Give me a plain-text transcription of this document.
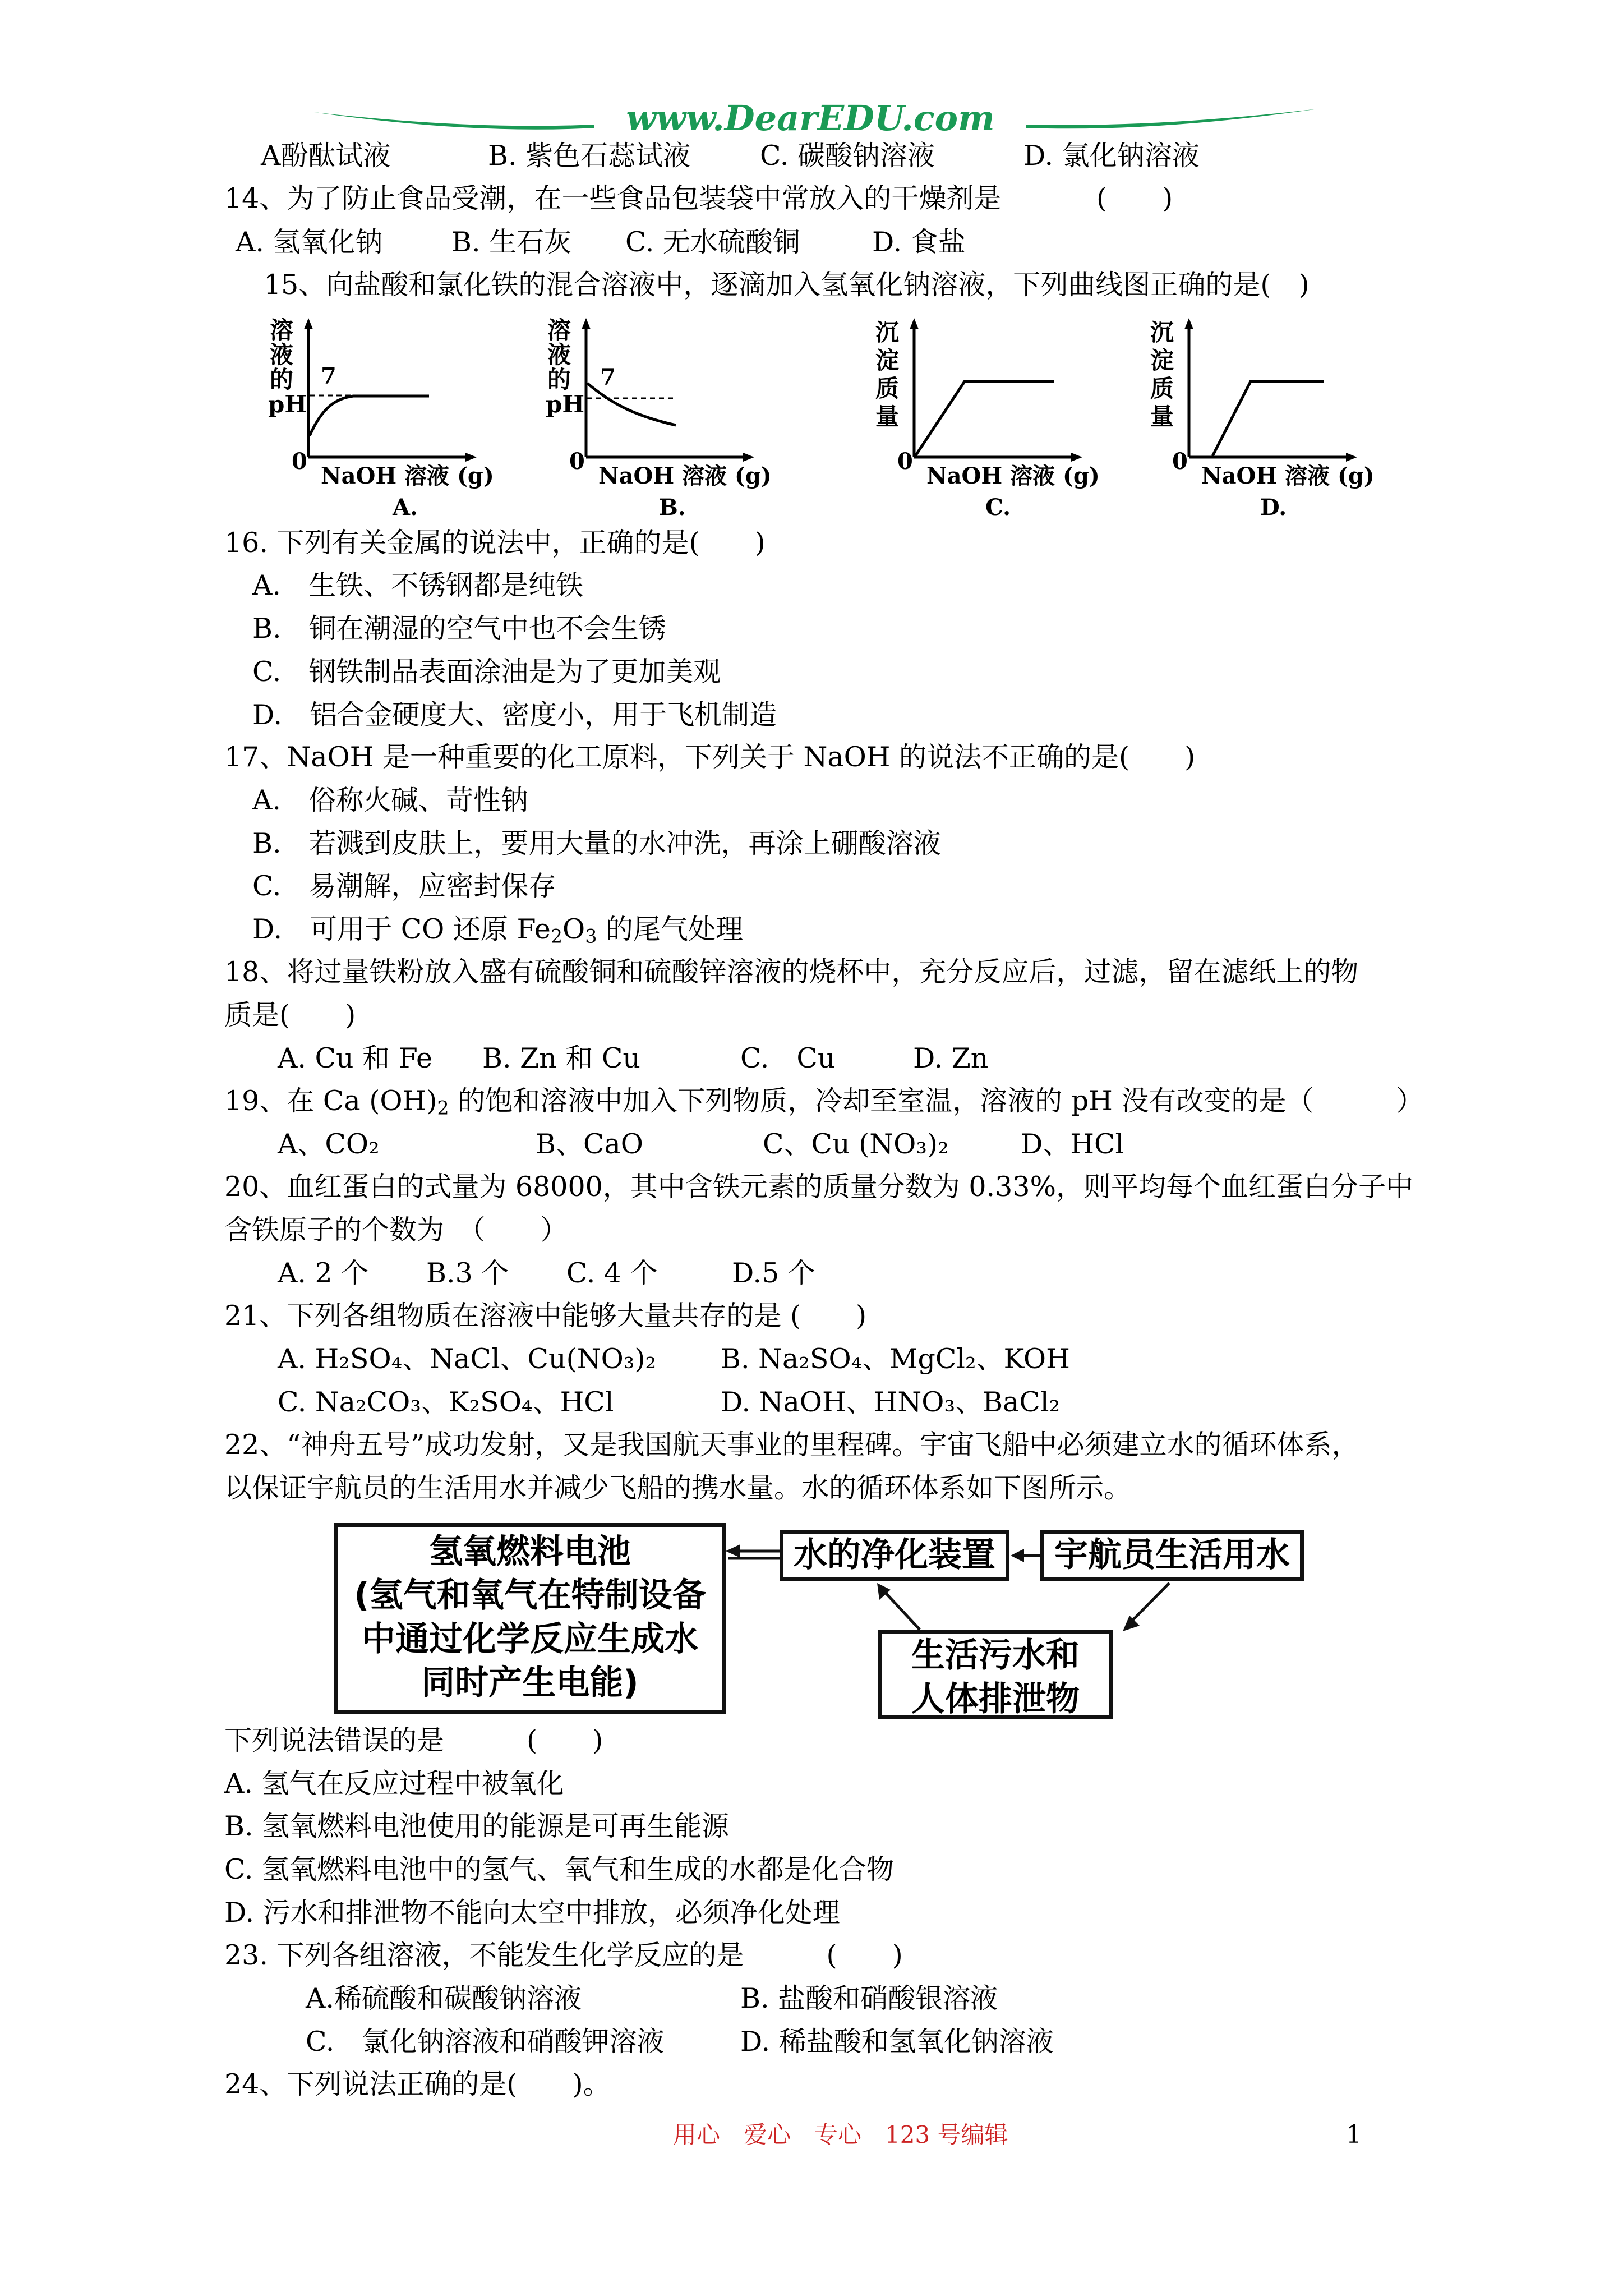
www.DearEDU.com
A酚酞试液	B. 紫色石蕊试液	C. 碳酸钠溶液	D. 氯化钠溶液
14、为了防止食品受潮，在一些食品包装袋中常放入的干燥剂是	(　　)
A. 氢氧化钠 B. 生石灰 C. 无水硫酸铜	D. 食盐
15、向盐酸和氯化铁的混合溶液中，逐滴加入氢氧化钠溶液，下列曲线图正确的是(　)
溶
液
的
pH
7
0
NaOH 溶液 (g)
A.
溶
液
的
pH
7
0
NaOH 溶液 (g)
B.
沉
淀
质
量
0
NaOH 溶液 (g)
C.
沉
淀
质
量
0
NaOH 溶液 (g)
D.
16. 下列有关金属的说法中，正确的是(　　)
A.　生铁、不锈钢都是纯铁
B.　铜在潮湿的空气中也不会生锈
C.　钢铁制品表面涂油是为了更加美观
D.　铝合金硬度大、密度小，用于飞机制造
17、NaOH 是一种重要的化工原料，下列关于 NaOH 的说法不正确的是(　　)
A.　俗称火碱、苛性钠
B.　若溅到皮肤上，要用大量的水冲洗，再涂上硼酸溶液
C.　易潮解，应密封保存
D.　可用于 CO 还原 $Fe_2O_3$ 的尾气处理
18、将过量铁粉放入盛有硫酸铜和硫酸锌溶液的烧杯中，充分反应后，过滤，留在滤纸上的物
质是(　　)
A. Cu 和 Fe B. Zn 和 Cu	C.　Cu	D. Zn
19、在 Ca $(OH)_2$ 的饱和溶液中加入下列物质，冷却至室温，溶液的 pH 没有改变的是（　　　）
A、CO₂	B、CaO	C、Cu (NO₃)₂	D、HCl
20、血红蛋白的式量为 68000，其中含铁元素的质量分数为 0.33%，则平均每个血红蛋白分子中
含铁原子的个数为　（　　）
A. 2 个 B.3 个 C. 4 个	D.5 个
21、下列各组物质在溶液中能够大量共存的是 (　　)
A. H₂SO₄、NaCl、Cu(NO₃)₂ B. Na₂SO₄、MgCl₂、KOH
C. Na₂CO₃、K₂SO₄、HCl	D. NaOH、HNO₃、BaCl₂
22、“神舟五号”成功发射，又是我国航天事业的里程碑。宇宙飞船中必须建立水的循环体系，
以保证宇航员的生活用水并减少飞船的携水量。水的循环体系如下图所示。
氢氧燃料电池
(氢气和氧气在特制设备
中通过化学反应生成水
同时产生电能)
水的净化装置	宇航员生活用水
生活污水和
人体排泄物
下列说法错误的是　　　(　　)
A. 氢气在反应过程中被氧化
B. 氢氧燃料电池使用的能源是可再生能源
C. 氢氧燃料电池中的氢气、氧气和生成的水都是化合物
D. 污水和排泄物不能向太空中排放，必须净化处理
23. 下列各组溶液，不能发生化学反应的是　　　(　　)
A.稀硫酸和碳酸钠溶液	B. 盐酸和硝酸银溶液
C.　氯化钠溶液和硝酸钾溶液	D. 稀盐酸和氢氧化钠溶液
24、下列说法正确的是(　　)。
用心　爱心　专心　123 号编辑	1
